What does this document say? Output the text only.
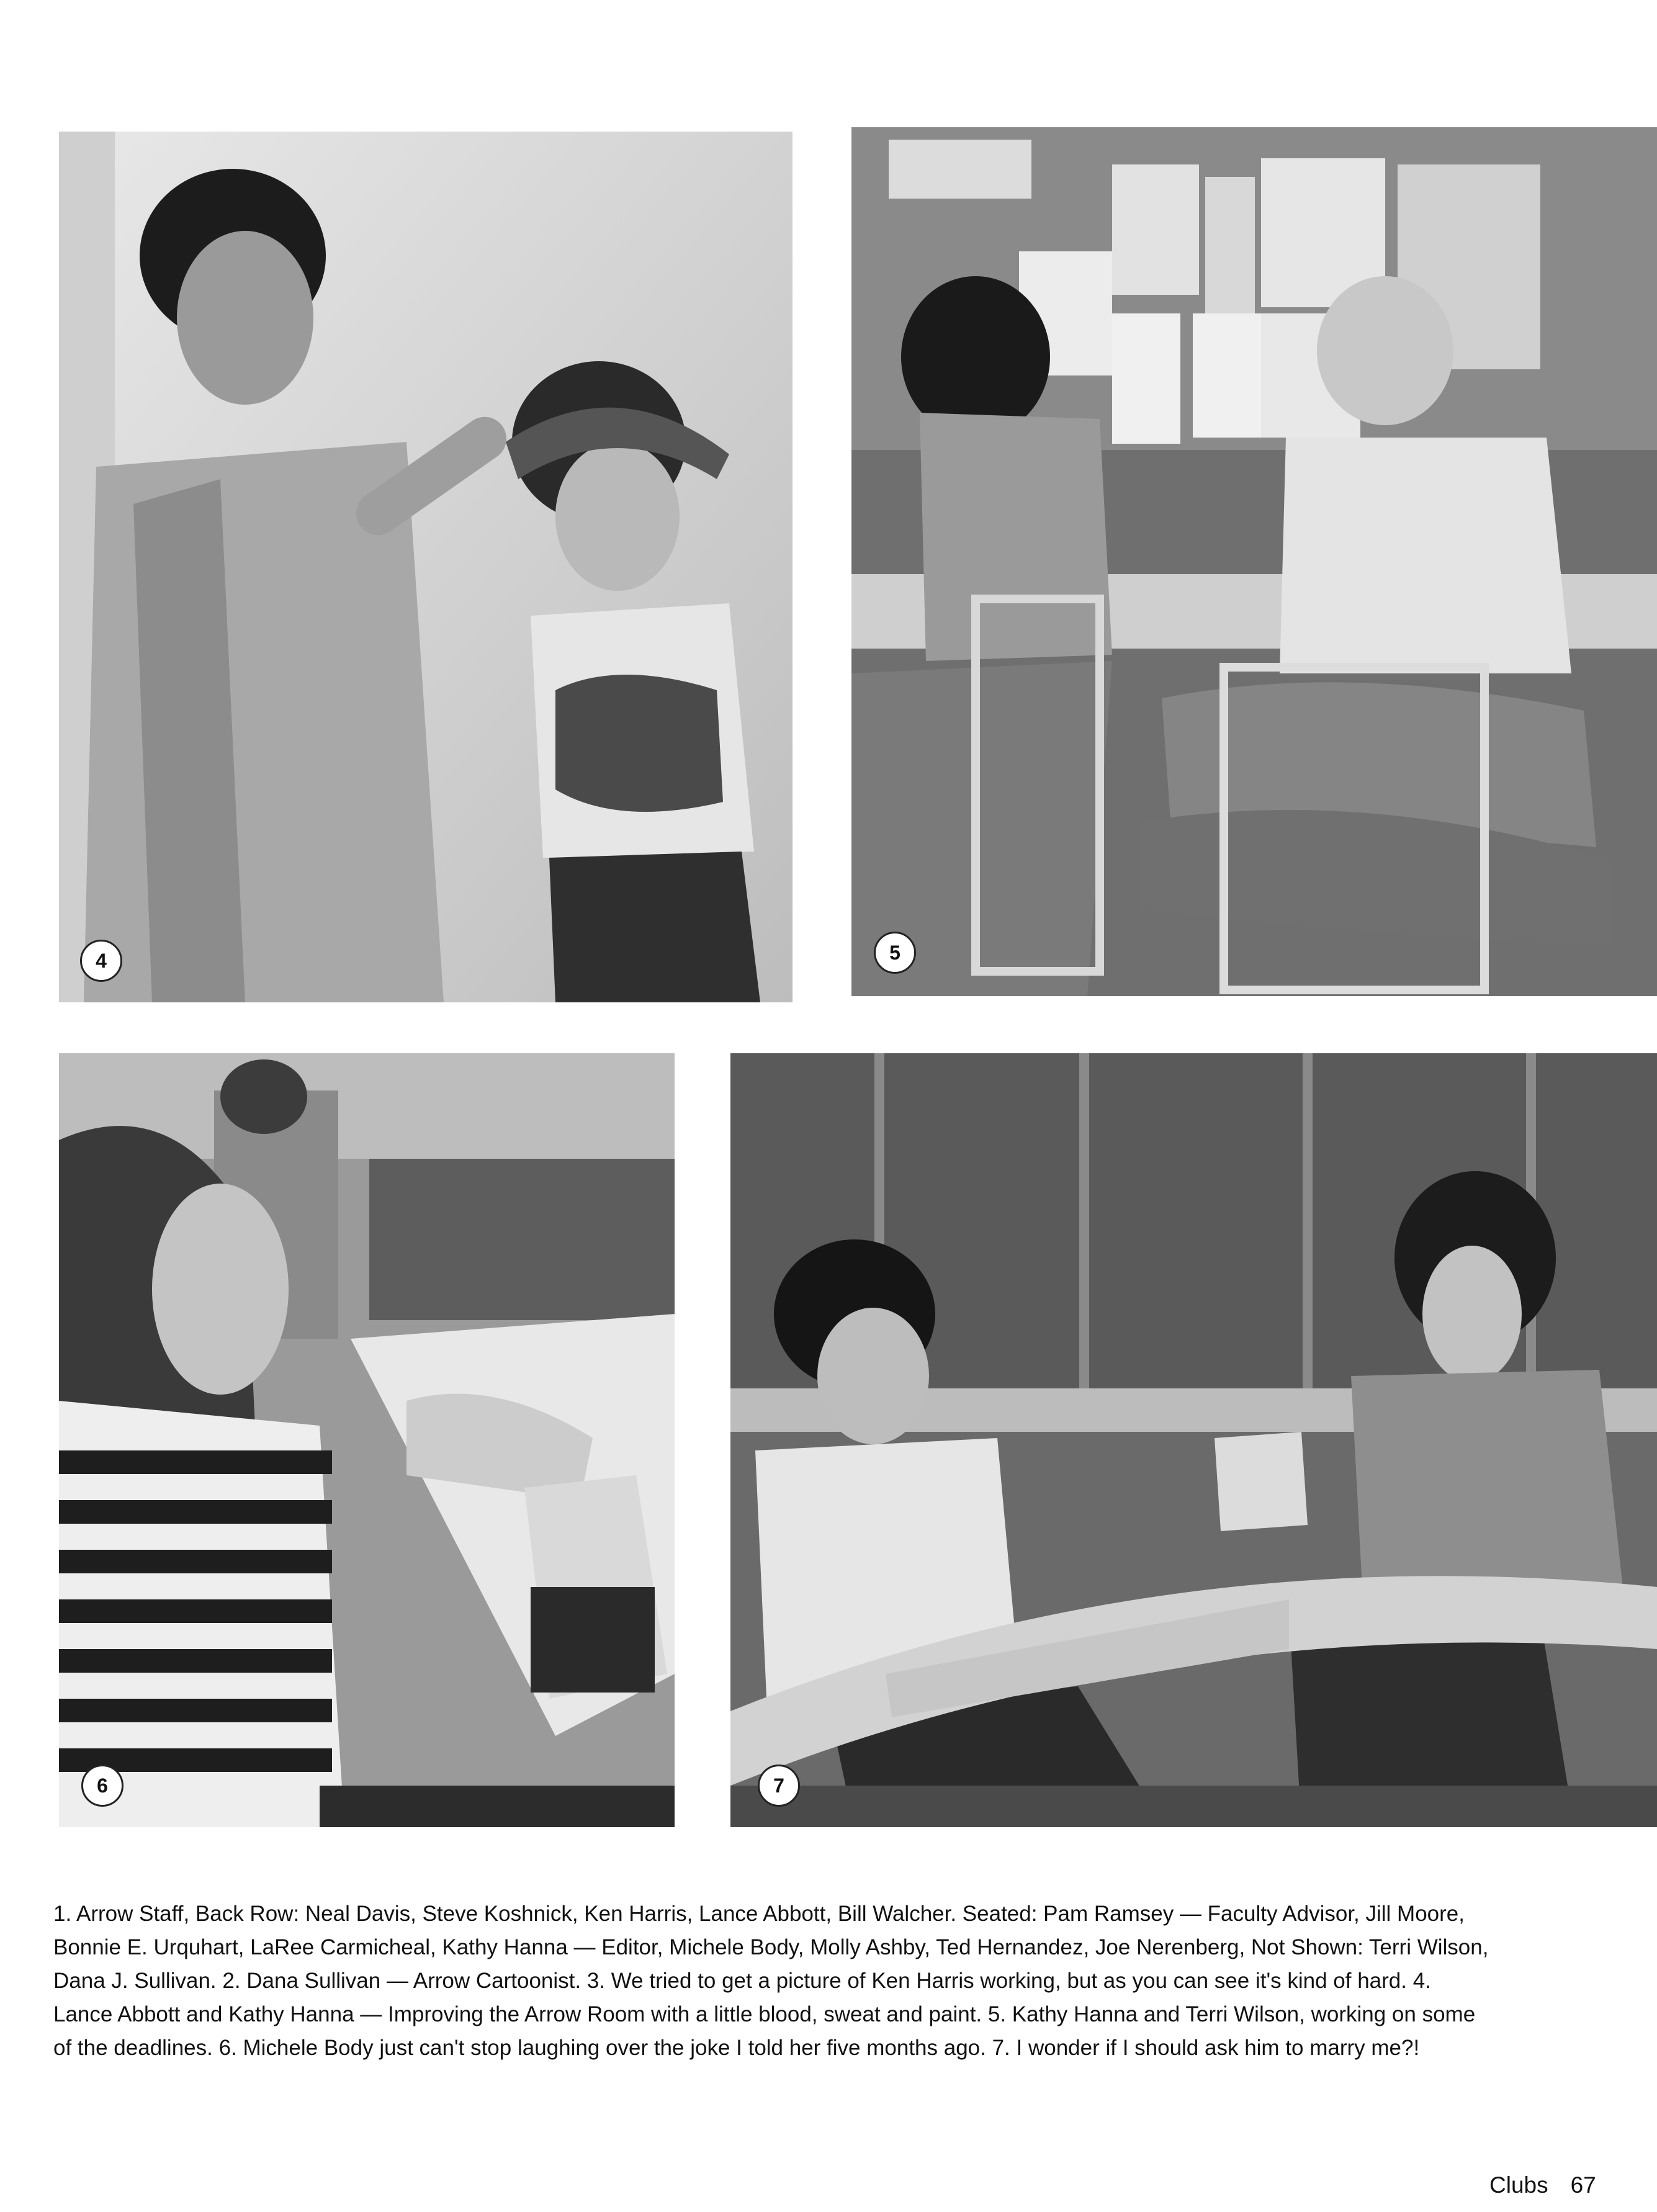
4	5
6	7

1. Arrow Staff, Back Row: Neal Davis, Steve Koshnick, Ken Harris, Lance Abbott, Bill Walcher. Seated: Pam Ramsey — Faculty Advisor, Jill Moore, Bonnie E. Urquhart, LaRee Carmicheal, Kathy Hanna — Editor, Michele Body, Molly Ashby, Ted Hernandez, Joe Nerenberg, Not Shown: Terri Wilson, Dana J. Sullivan. 2. Dana Sullivan — Arrow Cartoonist. 3. We tried to get a picture of Ken Harris working, but as you can see it's kind of hard. 4. Lance Abbott and Kathy Hanna — Improving the Arrow Room with a little blood, sweat and paint. 5. Kathy Hanna and Terri Wilson, working on some of the deadlines. 6. Michele Body just can't stop laughing over the joke I told her five months ago. 7. I wonder if I should ask him to marry me?!

Clubs 67
